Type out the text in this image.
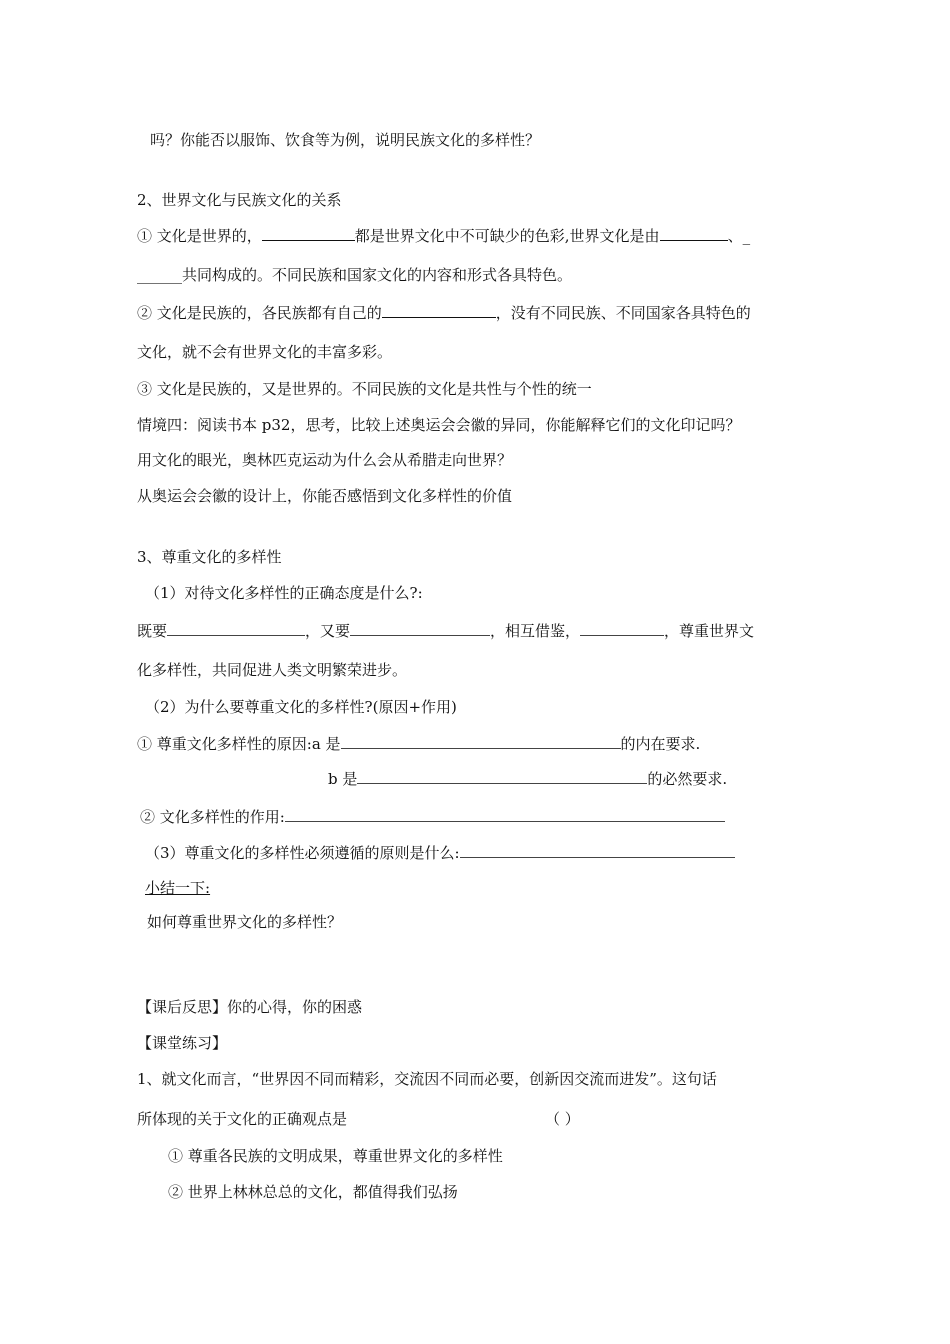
吗？你能否以服饰、饮食等为例，说明民族文化的多样性？
2、世界文化与民族文化的关系
① 文化是世界的，	都是世界文化中不可缺少的色彩,世界文化是由	、_
______共同构成的。不同民族和国家文化的内容和形式各具特色。
② 文化是民族的，各民族都有自己的	，没有不同民族、不同国家各具特色的
文化，就不会有世界文化的丰富多彩。
③ 文化是民族的，又是世界的。不同民族的文化是共性与个性的统一
情境四：阅读书本 p32，思考，比较上述奥运会会徽的异同，你能解释它们的文化印记吗？
用文化的眼光，奥林匹克运动为什么会从希腊走向世界？
从奥运会会徽的设计上，你能否感悟到文化多样性的价值
3、尊重文化的多样性
（1）对待文化多样性的正确态度是什么?:
既要	，又要	，相互借鉴，	，尊重世界文
化多样性，共同促进人类文明繁荣进步。
（2）为什么要尊重文化的多样性?(原因+作用)
① 尊重文化多样性的原因:a 是	的内在要求.
b 是	的必然要求.
② 文化多样性的作用:
（3）尊重文化的多样性必须遵循的原则是什么:
小结一下:
如何尊重世界文化的多样性？
【课后反思】你的心得，你的困惑
【课堂练习】
1、就文化而言，“世界因不同而精彩，交流因不同而必要，创新因交流而进发”。这句话
所体现的关于文化的正确观点是	（ ）
① 尊重各民族的文明成果，尊重世界文化的多样性
② 世界上林林总总的文化，都值得我们弘扬
